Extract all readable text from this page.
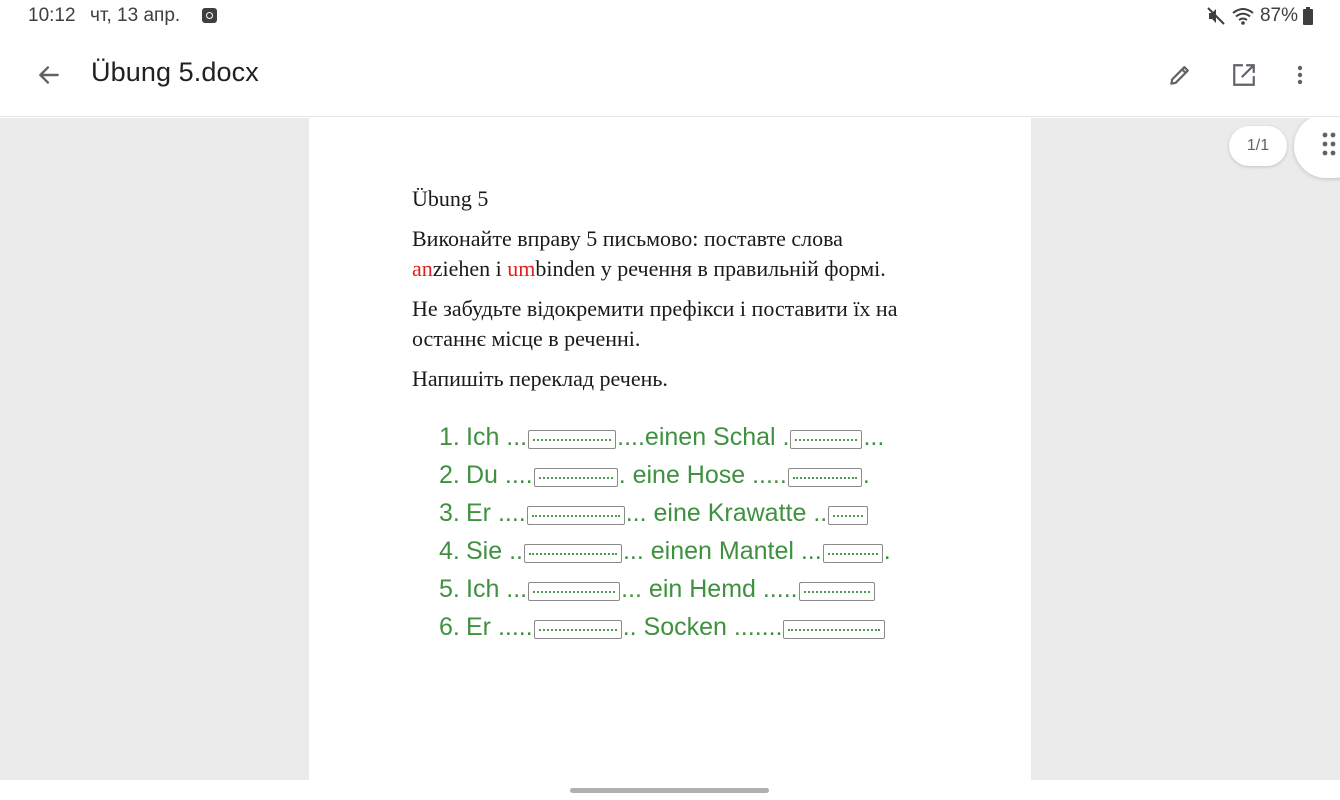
10:12 чт, 13 апр.	87%
Übung 5.docx
Übung 5
Виконайте вправу 5 письмово: поставте слова
anziehen і umbinden у речення в правильній формі.
Не забудьте відокремити префікси і поставити їх на
останнє місце в реченні.
Напишіть переклад речень.
1. Ich ...	....einen Schal .	...
2. Du ....	. eine Hose .....	.
3. Er ....	... eine Krawatte ..
4. Sie ..	... einen Mantel ... .
5. Ich ...	... ein Hemd .....
6. Er .....	.. Socken .......
1/1
